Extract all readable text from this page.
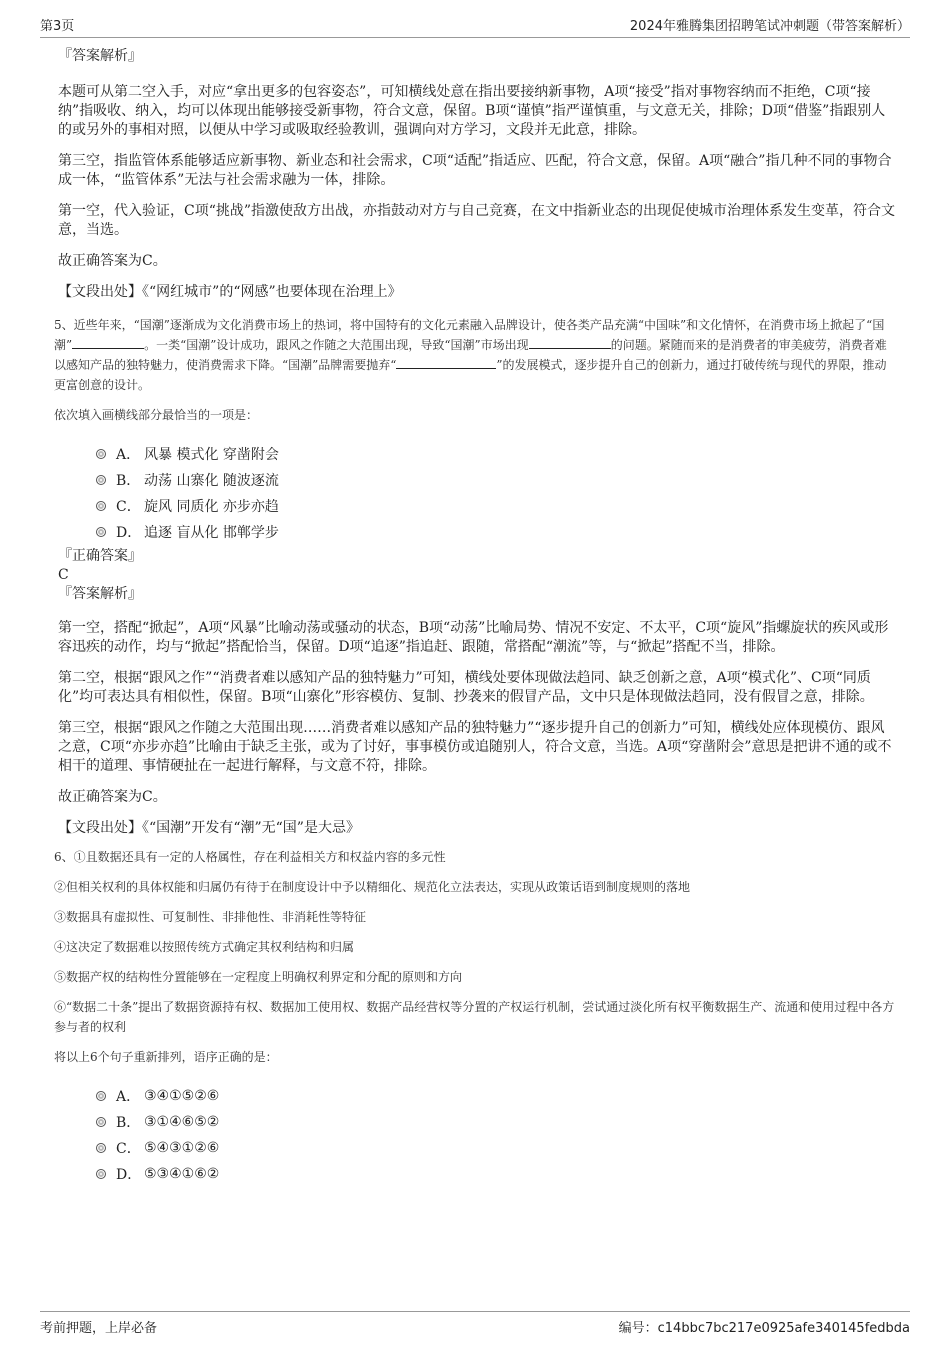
第3页	2024年雅腾集团招聘笔试冲刺题（带答案解析）
『答案解析』

本题可从第二空入手，对应“拿出更多的包容姿态”，可知横线处意在指出要接纳新事物，A项“接受”指对事物容纳而不拒绝，C项“接纳”指吸收、纳入，均可以体现出能够接受新事物，符合文意，保留。B项“谨慎”指严谨慎重，与文意无关，排除；D项“借鉴”指跟别人的或另外的事相对照，以便从中学习或吸取经验教训，强调向对方学习，文段并无此意，排除。

第三空，指监管体系能够适应新事物、新业态和社会需求，C项“适配”指适应、匹配，符合文意，保留。A项“融合”指几种不同的事物合成一体，“监管体系”无法与社会需求融为一体，排除。

第一空，代入验证，C项“挑战”指激使敌方出战，亦指鼓动对方与自己竞赛，在文中指新业态的出现促使城市治理体系发生变革，符合文意，当选。

故正确答案为C。

【文段出处】《“网红城市”的“网感”也要体现在治理上》

5、近些年来，“国潮”逐渐成为文化消费市场上的热词，将中国特有的文化元素融入品牌设计，使各类产品充满“中国味”和文化情怀，在消费市场上掀起了“国潮”	。一类“国潮”设计成功，跟风之作随之大范围出现，导致“国潮”市场出现	的问题。紧随而来的是消费者的审美疲劳，消费者难以感知产品的独特魅力，使消费需求下降。“国潮”品牌需要抛弃“	”的发展模式，逐步提升自己的创新力，通过打破传统与现代的界限，推动更富创意的设计。

依次填入画横线部分最恰当的一项是：

A． 风暴 模式化 穿凿附会
B． 动荡 山寨化 随波逐流
C． 旋风 同质化 亦步亦趋
D． 追逐 盲从化 邯郸学步
『正确答案』
C
『答案解析』

第一空，搭配“掀起”，A项“风暴”比喻动荡或骚动的状态，B项“动荡”比喻局势、情况不安定、不太平，C项“旋风”指螺旋状的疾风或形容迅疾的动作，均与“掀起”搭配恰当，保留。D项“追逐”指追赶、跟随，常搭配“潮流”等，与“掀起”搭配不当，排除。

第二空，根据“跟风之作”“消费者难以感知产品的独特魅力”可知，横线处要体现做法趋同、缺乏创新之意，A项“模式化”、C项“同质化”均可表达具有相似性，保留。B项“山寨化”形容模仿、复制、抄袭来的假冒产品，文中只是体现做法趋同，没有假冒之意，排除。

第三空，根据“跟风之作随之大范围出现……消费者难以感知产品的独特魅力”“逐步提升自己的创新力”可知，横线处应体现模仿、跟风之意，C项“亦步亦趋”比喻由于缺乏主张，或为了讨好，事事模仿或追随别人，符合文意，当选。A项“穿凿附会”意思是把讲不通的或不相干的道理、事情硬扯在一起进行解释，与文意不符，排除。

故正确答案为C。

【文段出处】《“国潮”开发有“潮”无“国”是大忌》

6、①且数据还具有一定的人格属性，存在利益相关方和权益内容的多元性

②但相关权利的具体权能和归属仍有待于在制度设计中予以精细化、规范化立法表达，实现从政策话语到制度规则的落地

③数据具有虚拟性、可复制性、非排他性、非消耗性等特征

④这决定了数据难以按照传统方式确定其权利结构和归属

⑤数据产权的结构性分置能够在一定程度上明确权利界定和分配的原则和方向

⑥“数据二十条”提出了数据资源持有权、数据加工使用权、数据产品经营权等分置的产权运行机制，尝试通过淡化所有权平衡数据生产、流通和使用过程中各方参与者的权利

将以上6个句子重新排列，语序正确的是：

A． ③④①⑤②⑥
B． ③①④⑥⑤②
C． ⑤④③①②⑥
D． ⑤③④①⑥②
考前押题，上岸必备	编号：c14bbc7bc217e0925afe340145fedbda
